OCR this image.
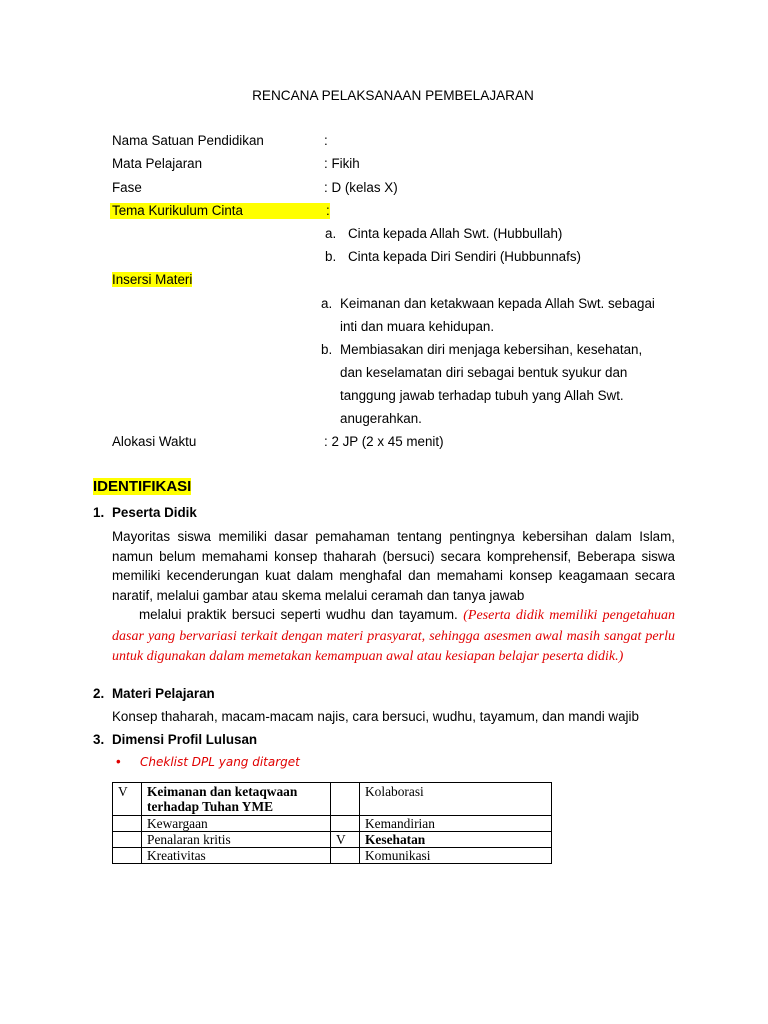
RENCANA PELAKSANAAN PEMBELAJARAN
Nama Satuan Pendidikan	:
Mata Pelajaran	: Fikih
Fase	: D (kelas X)
Tema Kurikulum Cinta	:
a. Cinta kepada Allah Swt. (Hubbullah)
b. Cinta kepada Diri Sendiri (Hubbunnafs)
Insersi Materi
a. Keimanan dan ketakwaan kepada Allah Swt. sebagai
inti dan muara kehidupan.
b. Membiasakan diri menjaga kebersihan, kesehatan,
dan keselamatan diri sebagai bentuk syukur dan
tanggung jawab terhadap tubuh yang Allah Swt.
anugerahkan.
Alokasi Waktu	: 2 JP (2 x 45 menit)
IDENTIFIKASI
1. Peserta Didik
Mayoritas siswa memiliki dasar pemahaman tentang pentingnya kebersihan dalam Islam, namun belum memahami konsep thaharah (bersuci) secara komprehensif, Beberapa siswa memiliki kecenderungan kuat dalam menghafal dan memahami konsep keagamaan secara naratif, melalui gambar atau skema melalui ceramah dan tanya jawab
melalui praktik bersuci seperti wudhu dan tayamum. (Peserta didik memiliki pengetahuan dasar yang bervariasi terkait dengan materi prasyarat, sehingga asesmen awal masih sangat perlu untuk digunakan dalam memetakan kemampuan awal atau kesiapan belajar peserta didik.)
2. Materi Pelajaran
Konsep thaharah, macam-macam najis, cara bersuci, wudhu, tayamum, dan mandi wajib
3. Dimensi Profil Lulusan
• Cheklist DPL yang ditarget
V	Keimanan dan ketaqwaan terhadap Tuhan YME		Kolaborasi
	Kewargaan		Kemandirian
	Penalaran kritis	V	Kesehatan
	Kreativitas		Komunikasi
